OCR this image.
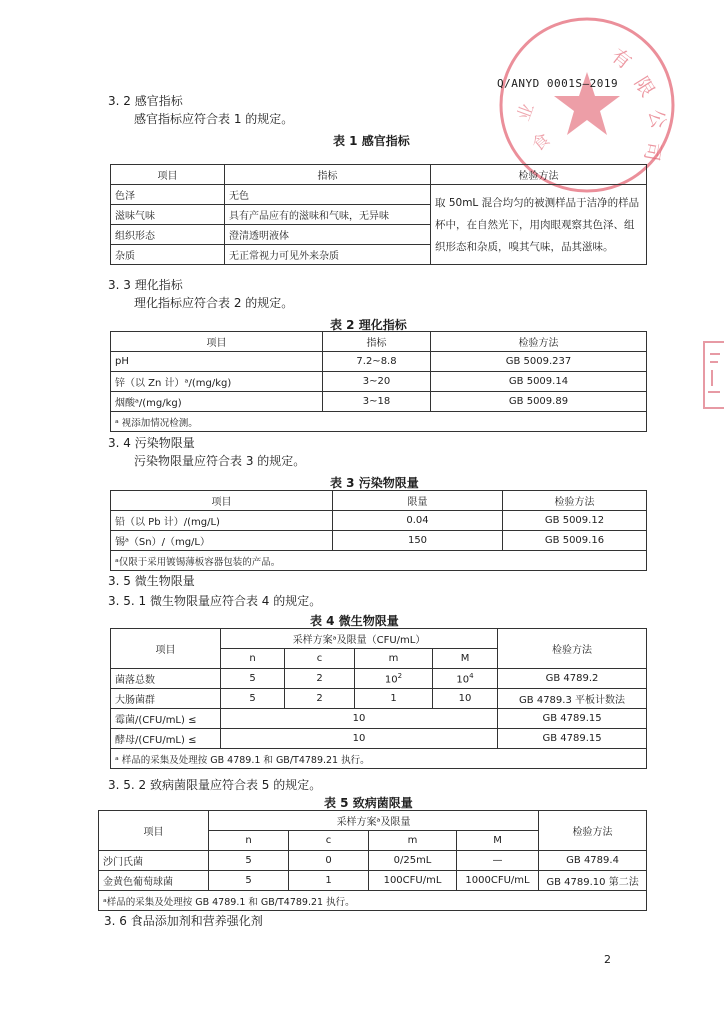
有
限
公
司
业
食
Q/ANYD 0001S—2019
3. 2 感官指标
感官指标应符合表 1 的规定。
表 1 感官指标
项目	指标	检验方法
色泽	无色	取 50mL 混合均匀的被测样品于洁净的样品
杯中，在自然光下，用肉眼观察其色泽、组
织形态和杂质，嗅其气味，品其滋味。

滋味气味	具有产品应有的滋味和气味，无异味	
组织形态	澄清透明液体	
杂质	无正常视力可见外来杂质	
3. 3 理化指标
理化指标应符合表 2 的规定。
表 2 理化指标
项目	指标	检验方法
pH	7.2~8.8	GB 5009.237
锌（以 Zn 计）ᵃ/(mg/kg)	3~20	GB 5009.14
烟酸ᵃ/(mg/kg)	3~18	GB 5009.89
ᵃ 视添加情况检测。		
3. 4 污染物限量
污染物限量应符合表 3 的规定。
表 3 污染物限量
项目	限量	检验方法
铅（以 Pb 计）/(mg/L)	0.04	GB 5009.12
锡ᵃ（Sn）/（mg/L）	150	GB 5009.16
ᵃ仅限于采用镀锡薄板容器包装的产品。		
3. 5 微生物限量
3. 5. 1 微生物限量应符合表 4 的规定。
表 4 微生物限量
项目	采样方案ᵃ及限量（CFU/mL）				检验方法
	n	c	m	M	
菌落总数	5	2	$10^2$	$10^4$	GB 4789.2
大肠菌群	5	2	1	10	GB 4789.3 平板计数法
霉菌/(CFU/mL) ≤	10				GB 4789.15
酵母/(CFU/mL) ≤	10				GB 4789.15
ᵃ 样品的采集及处理按 GB 4789.1 和 GB/T4789.21 执行。					
3. 5. 2 致病菌限量应符合表 5 的规定。
表 5 致病菌限量
项目	采样方案ᵃ及限量				检验方法
	n	c	m	M	
沙门氏菌	5	0	0/25mL	—	GB 4789.4
金黄色葡萄球菌	5	1	100CFU/mL	1000CFU/mL	GB 4789.10 第二法
ᵃ样品的采集及处理按 GB 4789.1 和 GB/T4789.21 执行。					
3. 6 食品添加剂和营养强化剂
2
